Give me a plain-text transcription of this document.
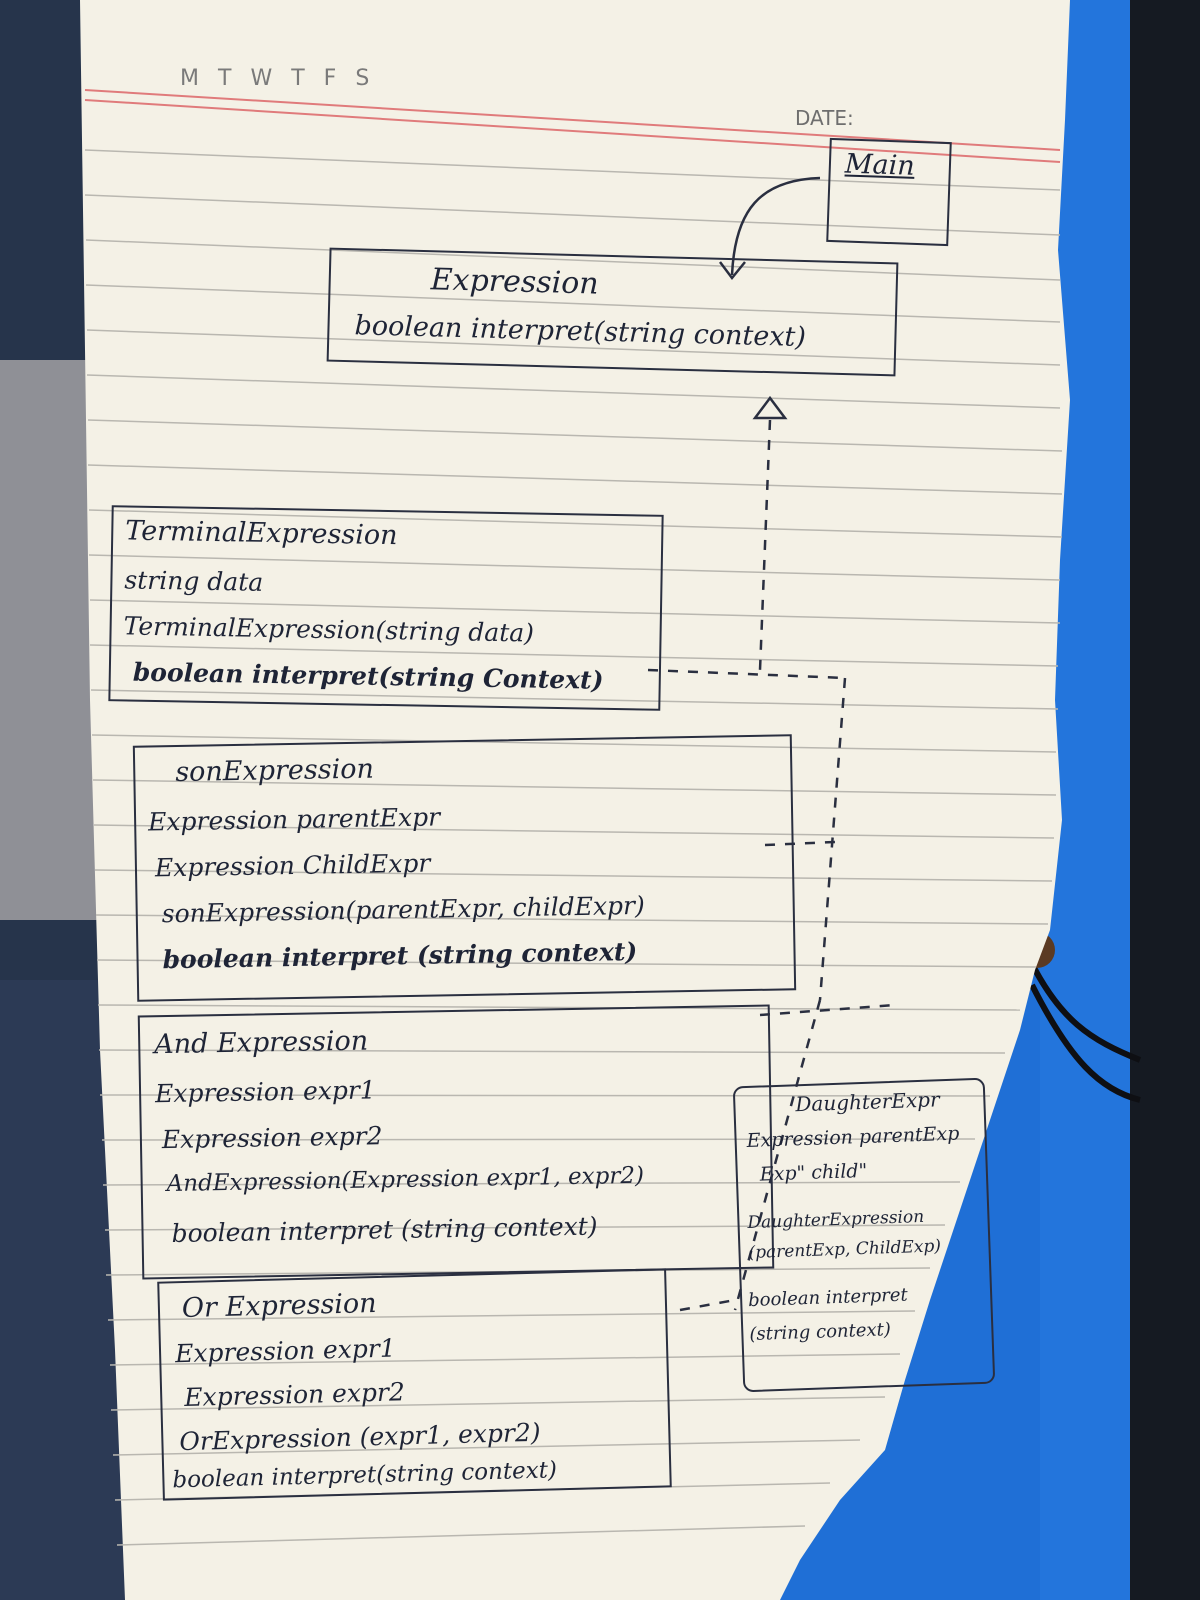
M T W T F S
DATE:
Main
Expression
boolean interpret(string context)
TerminalExpression
string data
TerminalExpression(string data)
boolean interpret(string Context)
sonExpression
Expression parentExpr
Expression ChildExpr
sonExpression(parentExpr, childExpr)
boolean interpret (string context)
And Expression
Expression expr1
Expression expr2
AndExpression(Expression expr1, expr2)
boolean interpret (string context)
Or Expression
Expression expr1
Expression expr2
OrExpression (expr1, expr2)
boolean interpret(string context)
DaughterExpr
Expression parentExp
Exp" child"
DaughterExpression (parentExp, ChildExp)
boolean interpret (string context)
